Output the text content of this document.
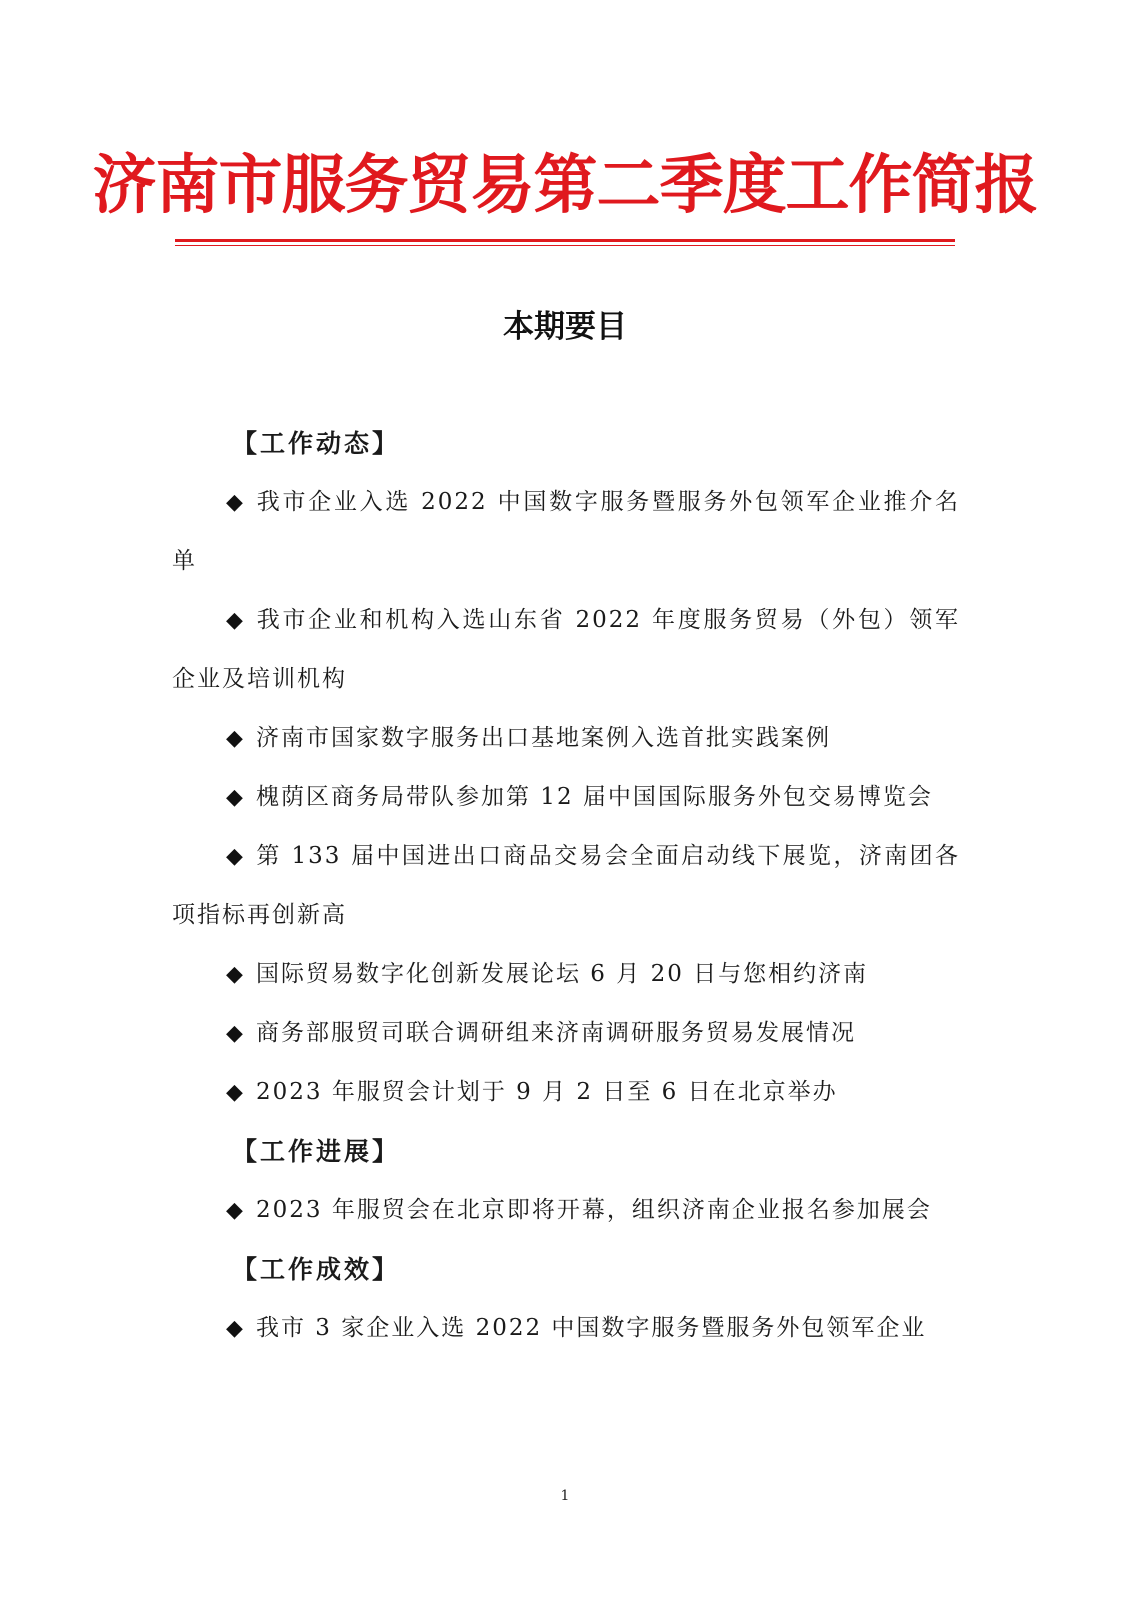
济南市服务贸易第二季度工作简报
本期要目
【工作动态】

◆ 我市企业入选 2022 中国数字服务暨服务外包领军企业推介名单

◆ 我市企业和机构入选山东省 2022 年度服务贸易（外包）领军企业及培训机构

◆ 济南市国家数字服务出口基地案例入选首批实践案例

◆ 槐荫区商务局带队参加第 12 届中国国际服务外包交易博览会

◆ 第 133 届中国进出口商品交易会全面启动线下展览，济南团各项指标再创新高

◆ 国际贸易数字化创新发展论坛 6 月 20 日与您相约济南

◆ 商务部服贸司联合调研组来济南调研服务贸易发展情况

◆ 2023 年服贸会计划于 9 月 2 日至 6 日在北京举办

【工作进展】

◆ 2023 年服贸会在北京即将开幕，组织济南企业报名参加展会

【工作成效】

◆ 我市 3 家企业入选 2022 中国数字服务暨服务外包领军企业

1
